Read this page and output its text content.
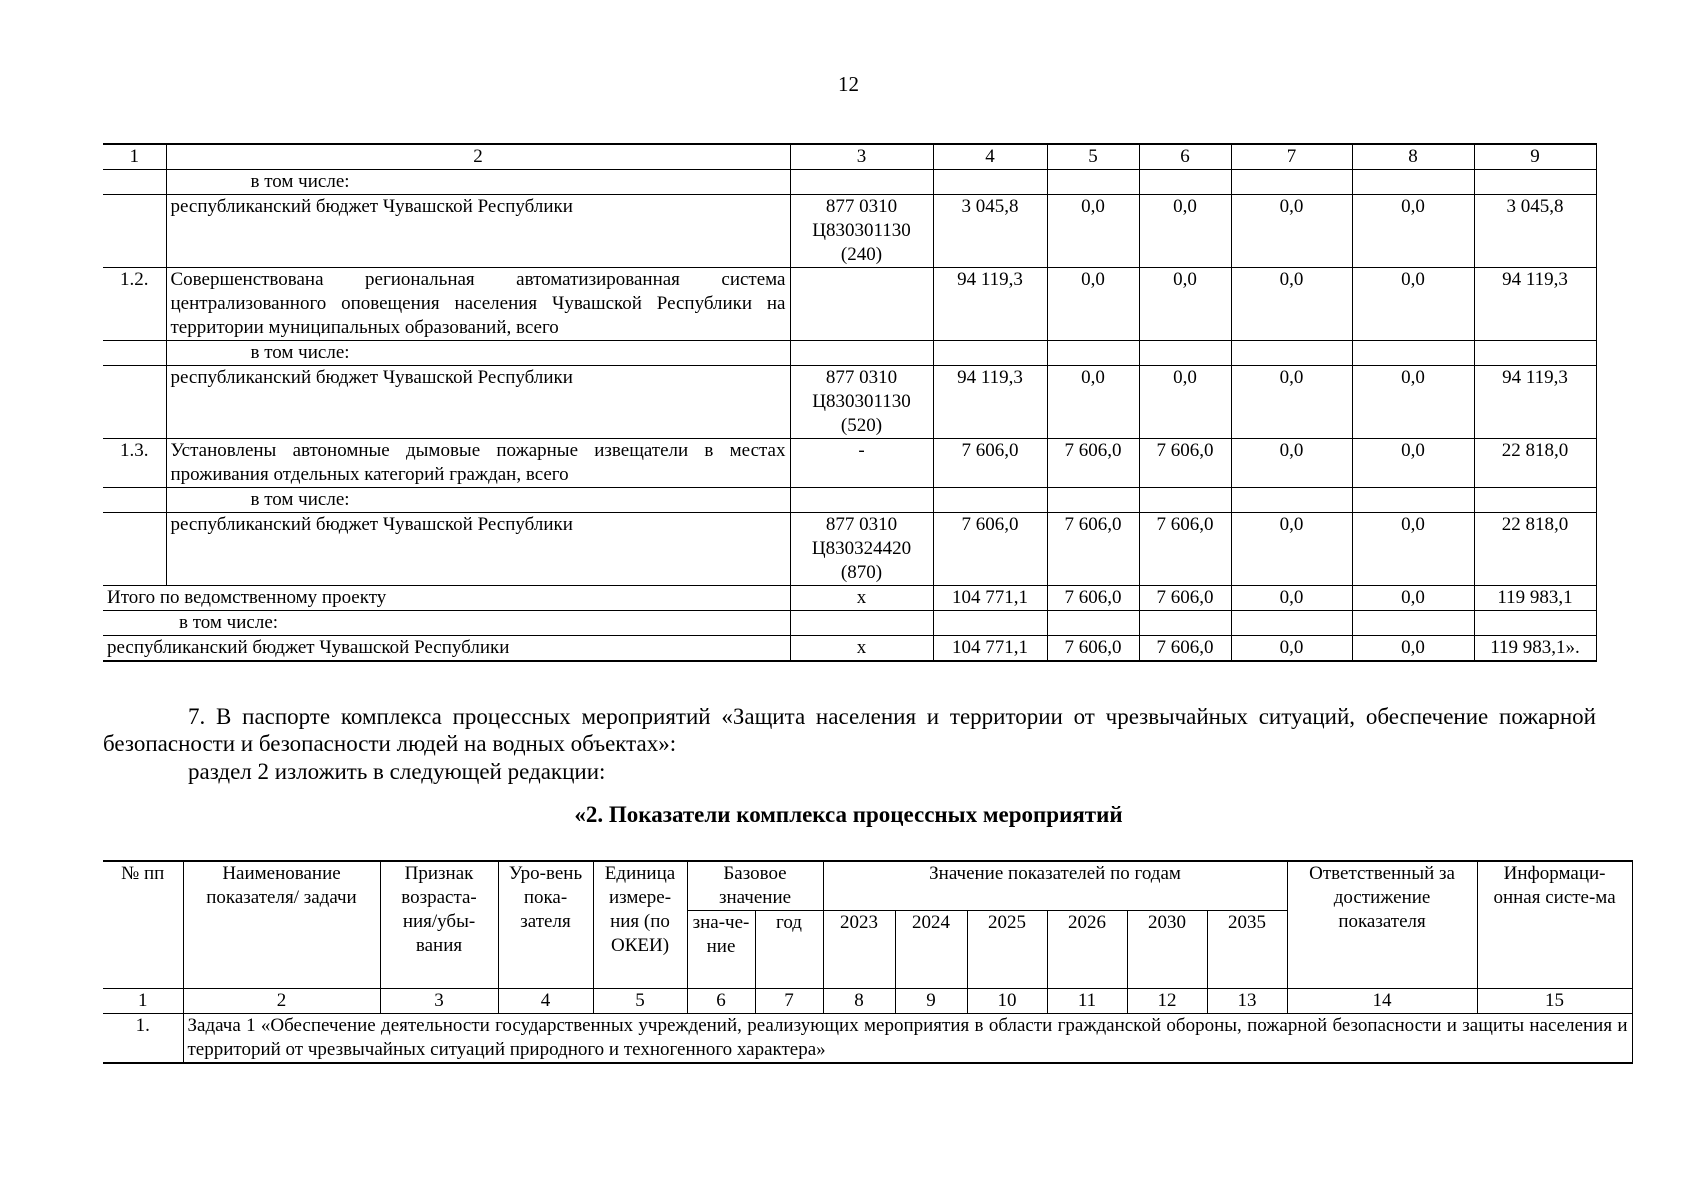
12
1	2	3	4	5	6	7	8	9
	в том числе:							
	республиканский бюджет Чувашской Республики	877 0310 Ц830301130 (240)	3 045,8	0,0	0,0	0,0	0,0	3 045,8
1.2.	Совершенствована региональная автоматизированная система централизованного оповещения населения Чувашской Республики на территории муниципальных образований, всего		94 119,3	0,0	0,0	0,0	0,0	94 119,3
	в том числе:							
	республиканский бюджет Чувашской Республики	877 0310 Ц830301130 (520)	94 119,3	0,0	0,0	0,0	0,0	94 119,3
1.3.	Установлены автономные дымовые пожарные извещатели в местах проживания отдельных категорий граждан, всего	-	7 606,0	7 606,0	7 606,0	0,0	0,0	22 818,0
	в том числе:							
	республиканский бюджет Чувашской Республики	877 0310 Ц830324420 (870)	7 606,0	7 606,0	7 606,0	0,0	0,0	22 818,0
Итого по ведомственному проекту		х	104 771,1	7 606,0	7 606,0	0,0	0,0	119 983,1
в том числе:								
республиканский бюджет Чувашской Республики		х	104 771,1	7 606,0	7 606,0	0,0	0,0	119 983,1».
7. В паспорте комплекса процессных мероприятий «Защита населения и территории от чрезвычайных ситуаций, обеспечение пожарной безопасности и безопасности людей на водных объектах»:
раздел 2 изложить в следующей редакции:
«2. Показатели комплекса процессных мероприятий
№ пп	Наименование показателя/ задачи	Признак возраста-ния/убы-вания	Уро-вень пока-зателя	Единица измере-ния (по ОКЕИ)	Базовое значение		Значение показателей по годам						Ответственный за достижение показателя	Информаци-онная систе-ма
					зна-че-ние	год	2023	2024	2025	2026	2030	2035		
1	2	3	4	5	6	7	8	9	10	11	12	13	14	15
1.	Задача 1 «Обеспечение деятельности государственных учреждений, реализующих мероприятия в области гражданской обороны, пожарной безопасности и защиты населения и территорий от чрезвычайных ситуаций природного и техногенного характера»													
